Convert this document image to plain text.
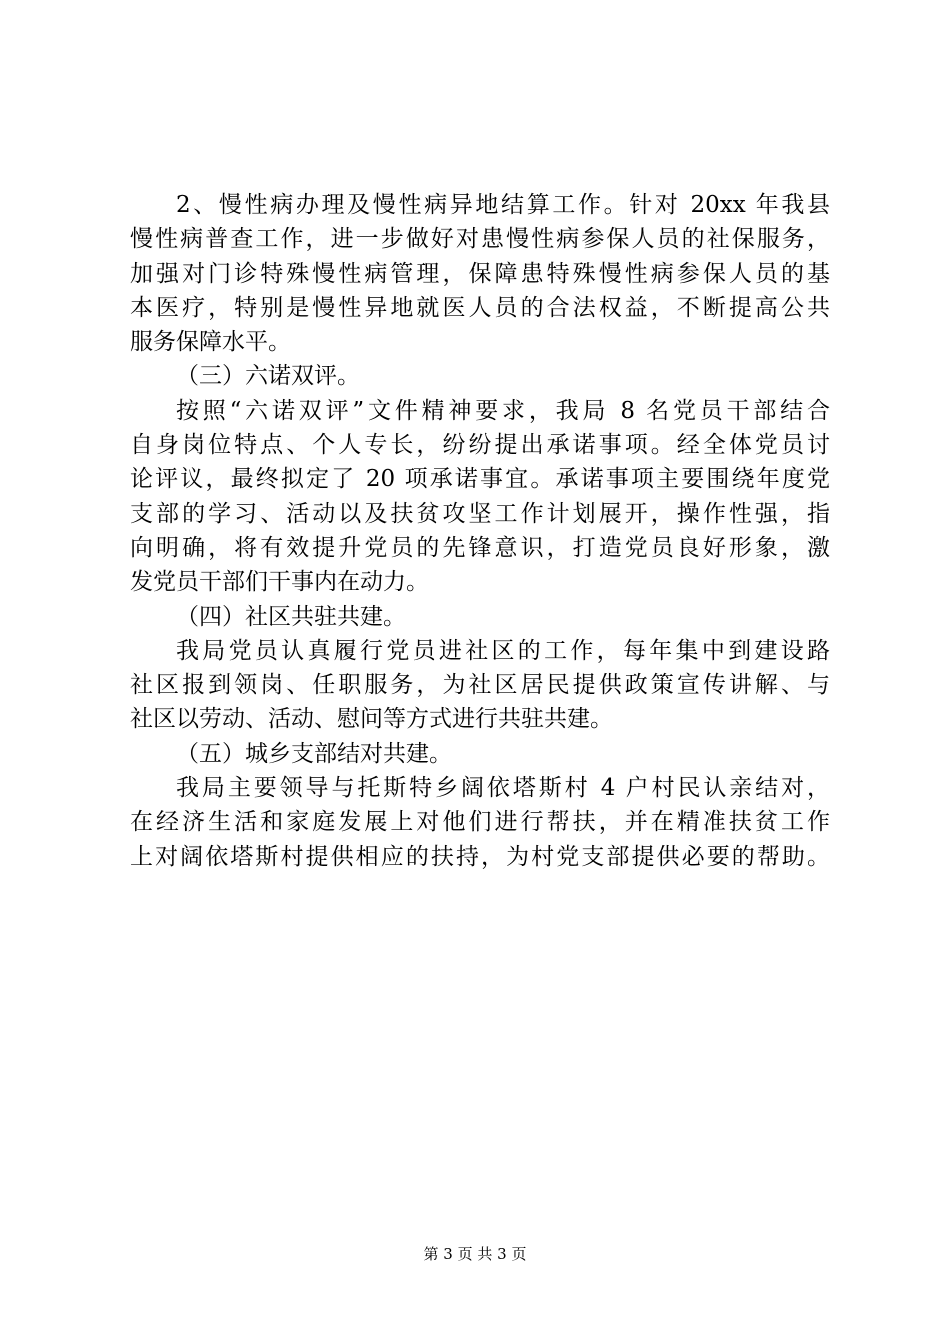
2、慢性病办理及慢性病异地结算工作。针对 20xx 年我县
慢性病普查工作，进一步做好对患慢性病参保人员的社保服务，
加强对门诊特殊慢性病管理，保障患特殊慢性病参保人员的基
本医疗，特别是慢性异地就医人员的合法权益，不断提高公共
服务保障水平。
（三）六诺双评。
按照“六诺双评”文件精神要求，我局 8 名党员干部结合
自身岗位特点、个人专长，纷纷提出承诺事项。经全体党员讨
论评议，最终拟定了 20 项承诺事宜。承诺事项主要围绕年度党
支部的学习、活动以及扶贫攻坚工作计划展开，操作性强，指
向明确，将有效提升党员的先锋意识，打造党员良好形象，激
发党员干部们干事内在动力。
（四）社区共驻共建。
我局党员认真履行党员进社区的工作，每年集中到建设路
社区报到领岗、任职服务，为社区居民提供政策宣传讲解、与
社区以劳动、活动、慰问等方式进行共驻共建。
（五）城乡支部结对共建。
我局主要领导与托斯特乡阔依塔斯村 4 户村民认亲结对，
在经济生活和家庭发展上对他们进行帮扶，并在精准扶贫工作
上对阔依塔斯村提供相应的扶持，为村党支部提供必要的帮助。
第 3 页 共 3 页
